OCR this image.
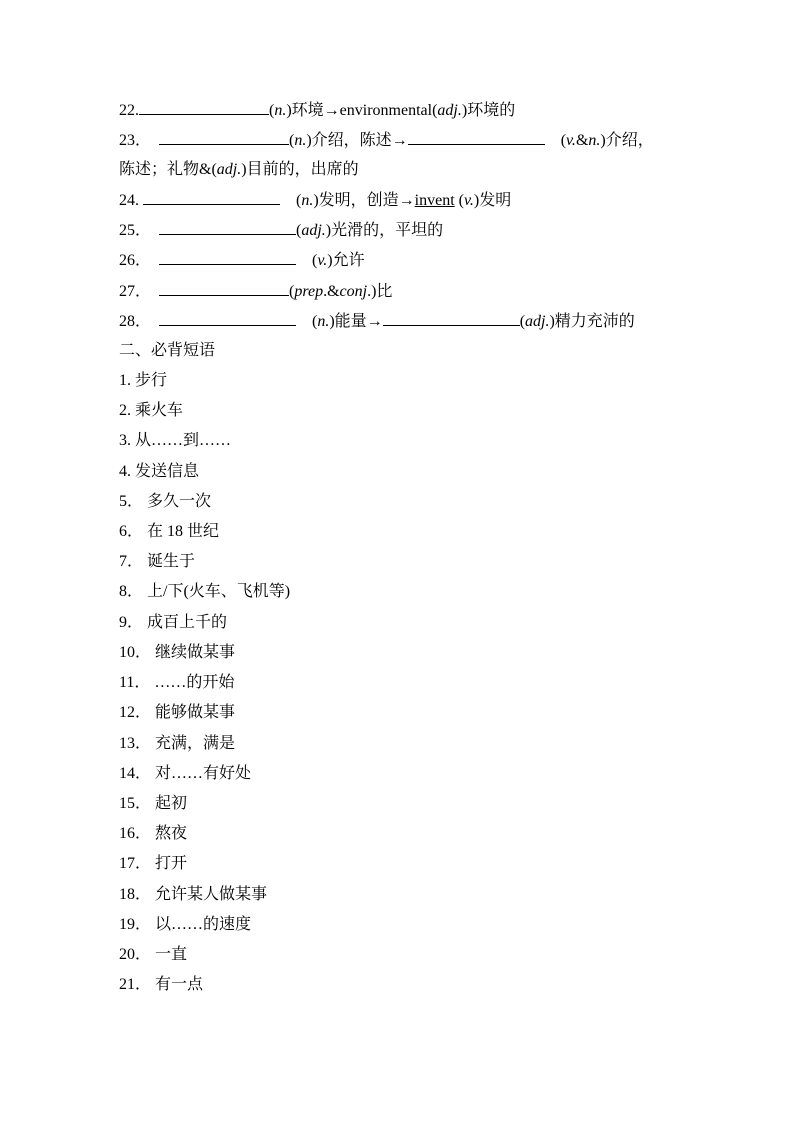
22.	(n.)环境→environmental(adj.)环境的
23．	(n.)介绍，陈述→	(v.&n.)介绍，
陈述；礼物&(adj.)目前的，出席的
24.	(n.)发明，创造→invent (v.)发明
25．	(adj.)光滑的，平坦的
26．	(v.)允许
27．	(prep.&conj.)比
28．	(n.)能量→	(adj.)精力充沛的
二、必背短语
1. 步行
2. 乘火车
3. 从……到……
4. 发送信息
5． 多久一次
6． 在 18 世纪
7． 诞生于
8． 上/下(火车、飞机等)
9． 成百上千的
10． 继续做某事
11． ……的开始
12． 能够做某事
13． 充满，满是
14． 对……有好处
15． 起初
16． 熬夜
17． 打开
18． 允许某人做某事
19． 以……的速度
20． 一直
21． 有一点
